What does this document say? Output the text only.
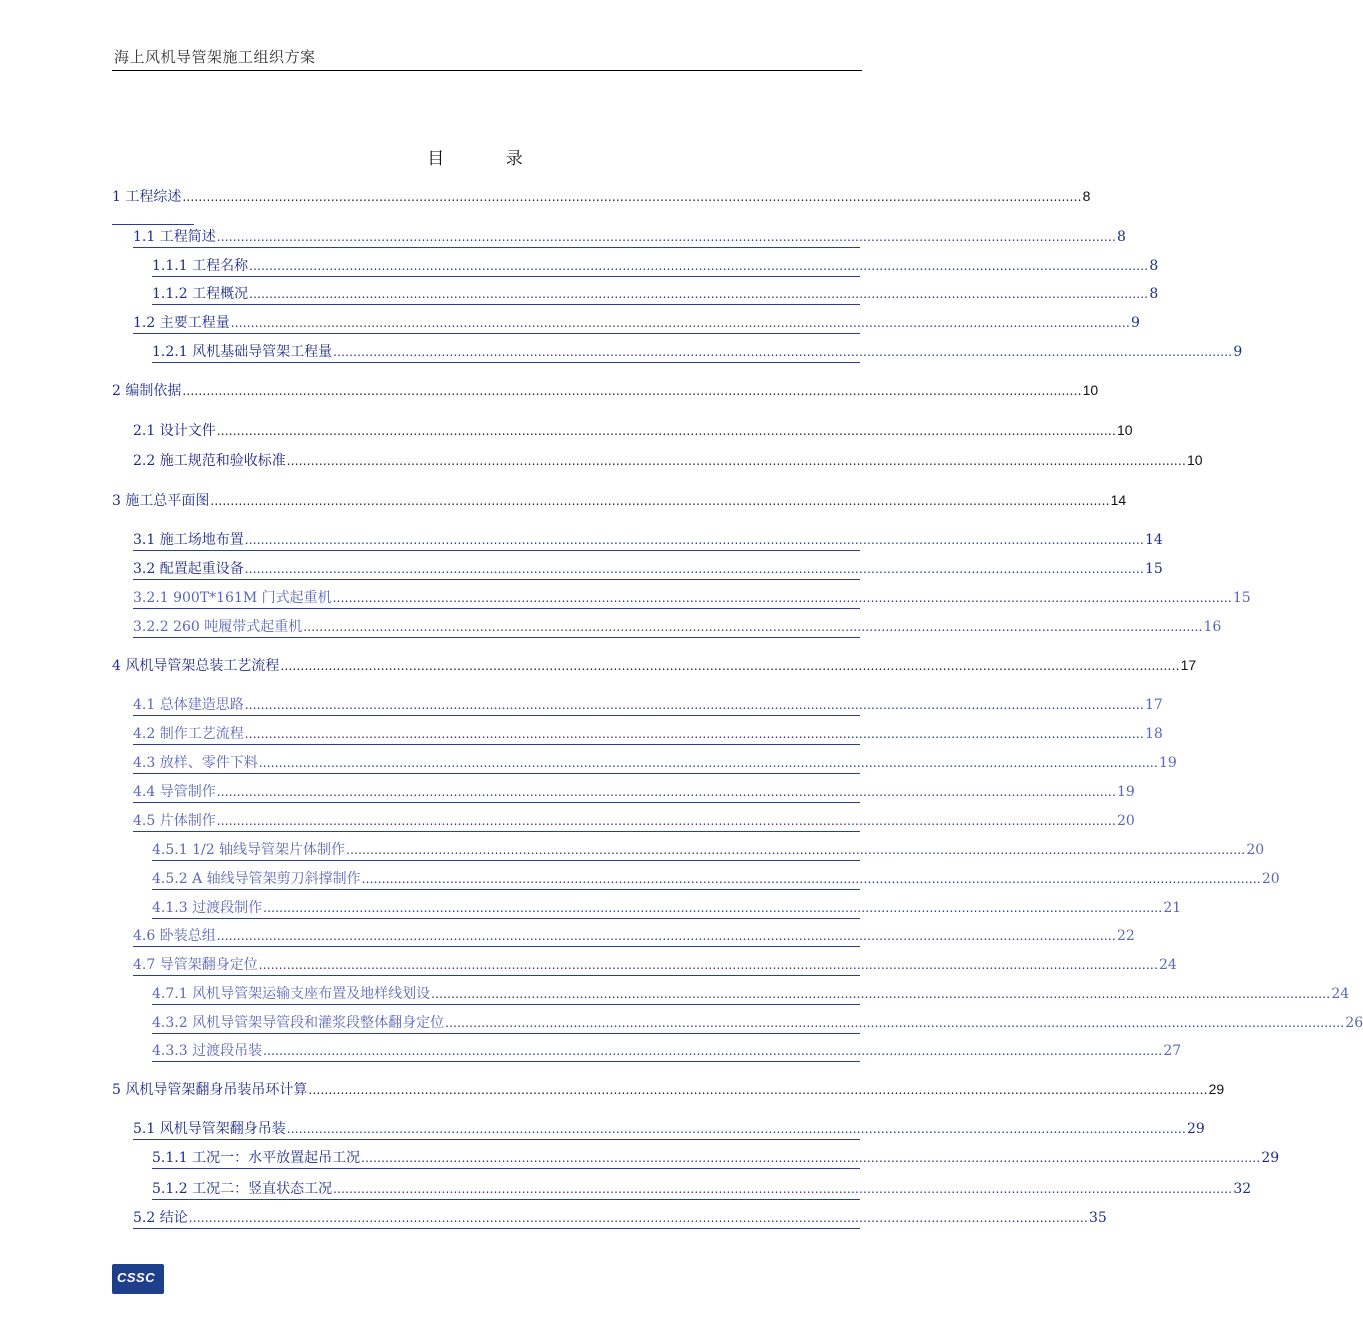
海上风机导管架施工组织方案
目 录
1 工程综述 ................................................................................................................................................................................................................................ 8
1.1 工程简述 ................................................................................................................................................................................................................................ 8
1.1.1 工程名称 ................................................................................................................................................................................................................................ 8
1.1.2 工程概况 ................................................................................................................................................................................................................................ 8
1.2 主要工程量 ................................................................................................................................................................................................................................ 9
1.2.1 风机基础导管架工程量 ................................................................................................................................................................................................................................ 9
2 编制依据 ................................................................................................................................................................................................................................ 10
2.1 设计文件 ................................................................................................................................................................................................................................ 10
2.2 施工规范和验收标准 ................................................................................................................................................................................................................................ 10
3 施工总平面图 ................................................................................................................................................................................................................................ 14
3.1 施工场地布置 ................................................................................................................................................................................................................................ 14
3.2 配置起重设备 ................................................................................................................................................................................................................................ 15
3.2.1 900T*161M 门式起重机 ................................................................................................................................................................................................................................ 15
3.2.2 260 吨履带式起重机 ................................................................................................................................................................................................................................ 16
4 风机导管架总装工艺流程 ................................................................................................................................................................................................................................ 17
4.1 总体建造思路 ................................................................................................................................................................................................................................ 17
4.2 制作工艺流程 ................................................................................................................................................................................................................................ 18
4.3 放样、零件下料 ................................................................................................................................................................................................................................ 19
4.4 导管制作 ................................................................................................................................................................................................................................ 19
4.5 片体制作 ................................................................................................................................................................................................................................ 20
4.5.1 1/2 轴线导管架片体制作 ................................................................................................................................................................................................................................ 20
4.5.2 A 轴线导管架剪刀斜撑制作 ................................................................................................................................................................................................................................ 20
4.1.3 过渡段制作 ................................................................................................................................................................................................................................ 21
4.6 卧装总组 ................................................................................................................................................................................................................................ 22
4.7 导管架翻身定位 ................................................................................................................................................................................................................................ 24
4.7.1 风机导管架运输支座布置及地样线划设 ................................................................................................................................................................................................................................ 24
4.3.2 风机导管架导管段和灌浆段整体翻身定位 ................................................................................................................................................................................................................................ 26
4.3.3 过渡段吊装 ................................................................................................................................................................................................................................ 27
5 风机导管架翻身吊装吊环计算 ................................................................................................................................................................................................................................ 29
5.1 风机导管架翻身吊装 ................................................................................................................................................................................................................................ 29
5.1.1 工况一：水平放置起吊工况 ................................................................................................................................................................................................................................ 29
5.1.2 工况二：竖直状态工况 ................................................................................................................................................................................................................................ 32
5.2 结论 ................................................................................................................................................................................................................................ 35
CSSC
